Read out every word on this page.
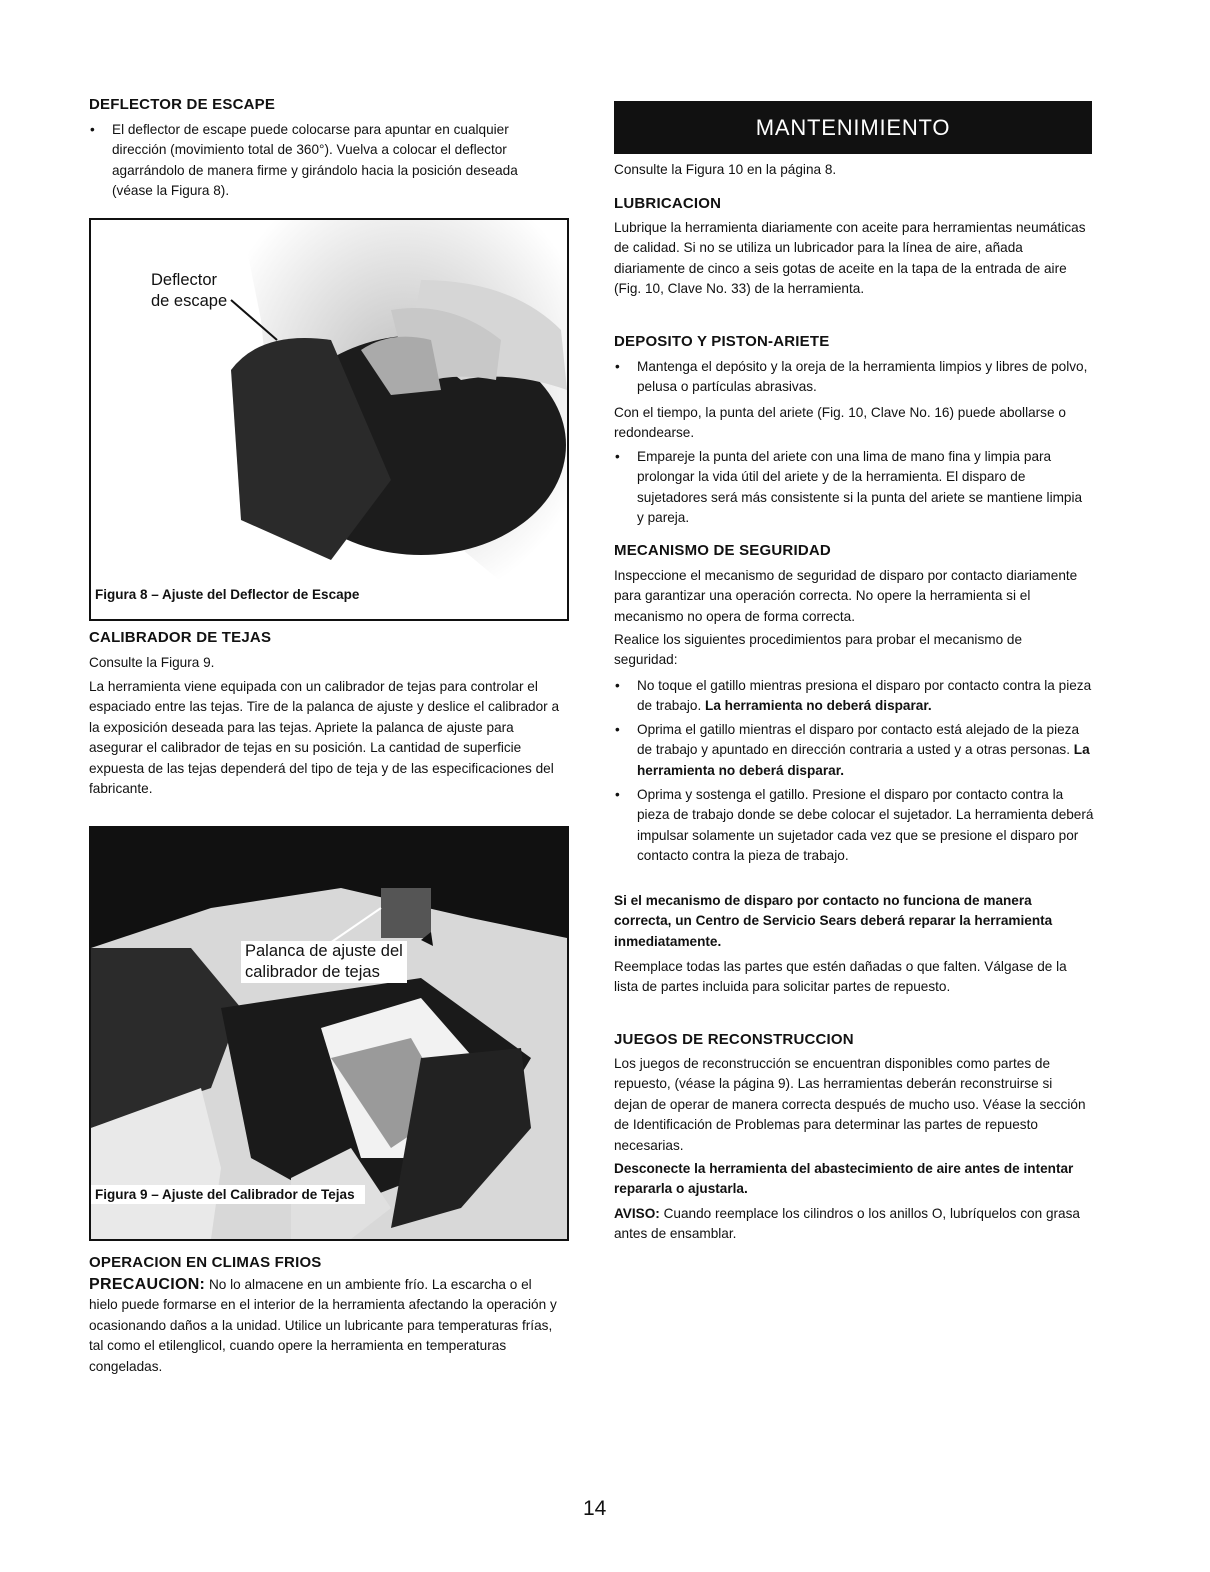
DEFLECTOR DE ESCAPE
• El deflector de escape puede colocarse para apuntar en cualquier dirección (movimiento total de 360°). Vuelva a colocar el deflector agarrándolo de manera firme y girándolo hacia la posición deseada (véase la Figura 8).
Deflector
de escape
Figura 8 – Ajuste del Deflector de Escape
CALIBRADOR DE TEJAS
Consulte la Figura 9.
La herramienta viene equipada con un calibrador de tejas para controlar el espaciado entre las tejas. Tire de la palanca de ajuste y deslice el calibrador a la exposición deseada para las tejas. Apriete la palanca de ajuste para asegurar el calibrador de tejas en su posición. La cantidad de superficie expuesta de las tejas dependerá del tipo de teja y de las especificaciones del fabricante.
Palanca de ajuste del
calibrador de tejas
Figura 9 – Ajuste del Calibrador de Tejas
OPERACION EN CLIMAS FRIOS
PRECAUCION: No lo almacene en un ambiente frío. La escarcha o el hielo puede formarse en el interior de la herramienta afectando la operación y ocasionando daños a la unidad. Utilice un lubricante para temperaturas frías, tal como el etilenglicol, cuando opere la herramienta en temperaturas congeladas.
MANTENIMIENTO
Consulte la Figura 10 en la página 8.
LUBRICACION
Lubrique la herramienta diariamente con aceite para herramientas neumáticas de calidad. Si no se utiliza un lubricador para la línea de aire, añada diariamente de cinco a seis gotas de aceite en la tapa de la entrada de aire (Fig. 10, Clave No. 33) de la herramienta.
DEPOSITO Y PISTON-ARIETE
• Mantenga el depósito y la oreja de la herramienta limpios y libres de polvo, pelusa o partículas abrasivas.
Con el tiempo, la punta del ariete (Fig. 10, Clave No. 16) puede abollarse o redondearse.
• Empareje la punta del ariete con una lima de mano fina y limpia para prolongar la vida útil del ariete y de la herramienta. El disparo de sujetadores será más consistente si la punta del ariete se mantiene limpia y pareja.
MECANISMO DE SEGURIDAD
Inspeccione el mecanismo de seguridad de disparo por contacto diariamente para garantizar una operación correcta. No opere la herramienta si el mecanismo no opera de forma correcta.
Realice los siguientes procedimientos para probar el mecanismo de seguridad:
• No toque el gatillo mientras presiona el disparo por contacto contra la pieza de trabajo. La herramienta no deberá disparar.
• Oprima el gatillo mientras el disparo por contacto está alejado de la pieza de trabajo y apuntado en dirección contraria a usted y a otras personas. La herramienta no deberá disparar.
• Oprima y sostenga el gatillo. Presione el disparo por contacto contra la pieza de trabajo donde se debe colocar el sujetador. La herramienta deberá impulsar solamente un sujetador cada vez que se presione el disparo por contacto contra la pieza de trabajo.
Si el mecanismo de disparo por contacto no funciona de manera correcta, un Centro de Servicio Sears deberá reparar la herramienta inmediatamente.
Reemplace todas las partes que estén dañadas o que falten. Válgase de la lista de partes incluida para solicitar partes de repuesto.
JUEGOS DE RECONSTRUCCION
Los juegos de reconstrucción se encuentran disponibles como partes de repuesto, (véase la página 9). Las herramientas deberán reconstruirse si dejan de operar de manera correcta después de mucho uso. Véase la sección de Identificación de Problemas para determinar las partes de repuesto necesarias.
Desconecte la herramienta del abastecimiento de aire antes de intentar repararla o ajustarla.
AVISO: Cuando reemplace los cilindros o los anillos O, lubríquelos con grasa antes de ensamblar.
14
